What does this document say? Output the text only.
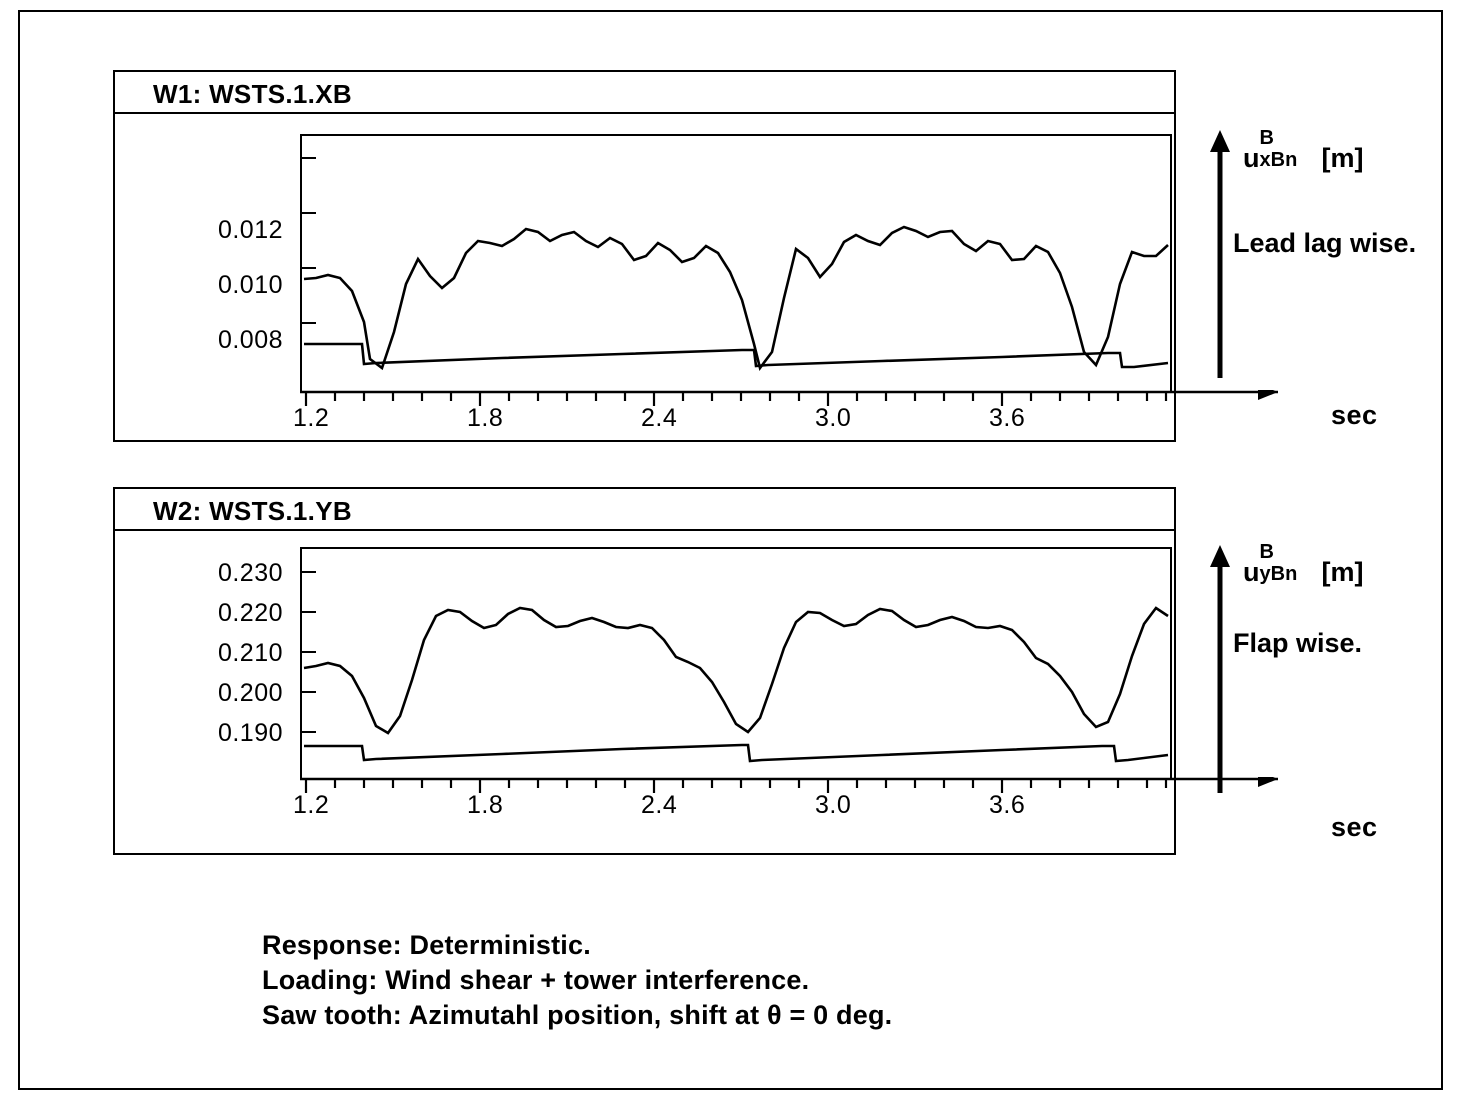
W1: WSTS.1.XB
0.012
0.010
0.008
1.2	1.8	2.4	3.0	3.6
u
B
xBn [m]
Lead lag wise.
sec
W2: WSTS.1.YB
0.230
0.220
0.210
0.200
0.190
1.2	1.8	2.4	3.0	3.6
u
B
yBn [m]
Flap wise.
sec
Response: Deterministic.
Loading: Wind shear + tower interference.
Saw tooth: Azimutahl position, shift at θ = 0 deg.
